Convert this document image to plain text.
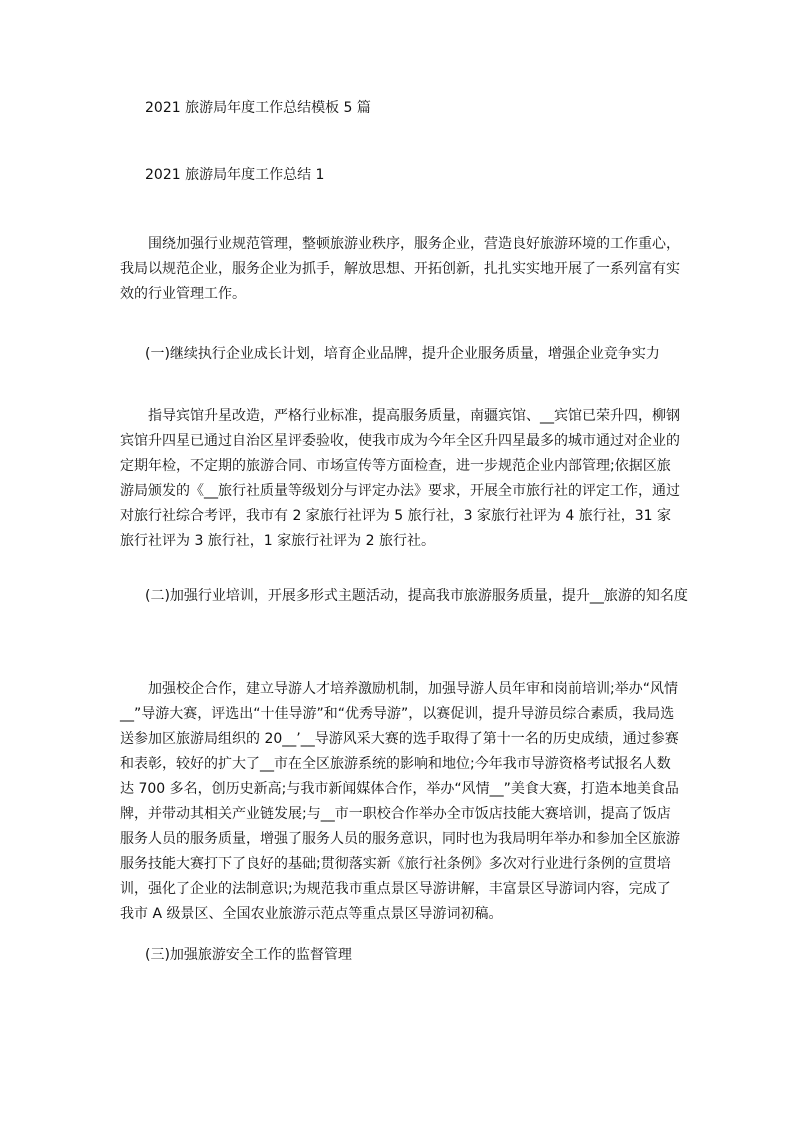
2021 旅游局年度工作总结模板 5 篇
2021 旅游局年度工作总结 1
围绕加强行业规范管理，整顿旅游业秩序，服务企业，营造良好旅游环境的工作重心，我局以规范企业，服务企业为抓手，解放思想、开拓创新，扎扎实实地开展了一系列富有实效的行业管理工作。
(一)继续执行企业成长计划，培育企业品牌，提升企业服务质量，增强企业竞争实力
指导宾馆升星改造，严格行业标准，提高服务质量，南疆宾馆、__宾馆已荣升四，柳钢宾馆升四星已通过自治区星评委验收，使我市成为今年全区升四星最多的城市通过对企业的定期年检，不定期的旅游合同、市场宣传等方面检查，进一步规范企业内部管理;依据区旅游局颁发的《__旅行社质量等级划分与评定办法》要求，开展全市旅行社的评定工作，通过对旅行社综合考评，我市有 2 家旅行社评为 5 旅行社，3 家旅行社评为 4 旅行社，31 家旅行社评为 3 旅行社，1 家旅行社评为 2 旅行社。
(二)加强行业培训，开展多形式主题活动，提高我市旅游服务质量，提升__旅游的知名度
加强校企合作，建立导游人才培养激励机制，加强导游人员年审和岗前培训;举办“风情__”导游大赛，评选出“十佳导游”和“优秀导游”，以赛促训，提升导游员综合素质，我局选送参加区旅游局组织的 20__’__导游风采大赛的选手取得了第十一名的历史成绩，通过参赛和表彰，较好的扩大了__市在全区旅游系统的影响和地位;今年我市导游资格考试报名人数达 700 多名，创历史新高;与我市新闻媒体合作，举办“风情__”美食大赛，打造本地美食品牌，并带动其相关产业链发展;与__市一职校合作举办全市饭店技能大赛培训，提高了饭店服务人员的服务质量，增强了服务人员的服务意识，同时也为我局明年举办和参加全区旅游服务技能大赛打下了良好的基础;贯彻落实新《旅行社条例》多次对行业进行条例的宣贯培训，强化了企业的法制意识;为规范我市重点景区导游讲解，丰富景区导游词内容，完成了我市 A 级景区、全国农业旅游示范点等重点景区导游词初稿。
(三)加强旅游安全工作的监督管理
